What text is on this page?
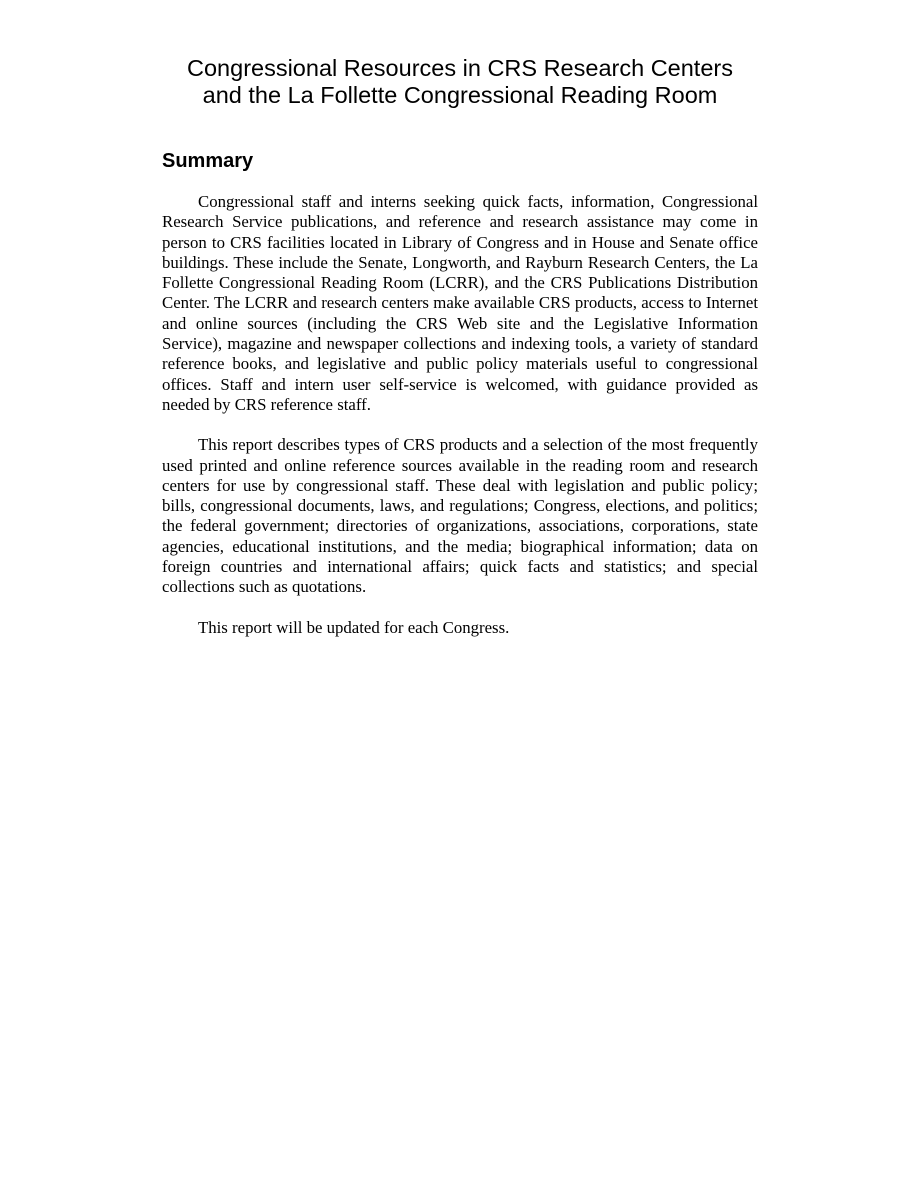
Congressional Resources in CRS Research Centers
and the La Follette Congressional Reading Room
Summary

Congressional staff and interns seeking quick facts, information, Congressional Research Service publications, and reference and research assistance may come in person to CRS facilities located in Library of Congress and in House and Senate office buildings. These include the Senate, Longworth, and Rayburn Research Centers, the La Follette Congressional Reading Room (LCRR), and the CRS Publications Distribution Center. The LCRR and research centers make available CRS products, access to Internet and online sources (including the CRS Web site and the Legislative Information Service), magazine and newspaper collections and indexing tools, a variety of standard reference books, and legislative and public policy materials useful to congressional offices. Staff and intern user self-service is welcomed, with guidance provided as needed by CRS reference staff.

This report describes types of CRS products and a selection of the most frequently used printed and online reference sources available in the reading room and research centers for use by congressional staff. These deal with legislation and public policy; bills, congressional documents, laws, and regulations; Congress, elections, and politics; the federal government; directories of organizations, associations, corporations, state agencies, educational institutions, and the media; biographical information; data on foreign countries and international affairs; quick facts and statistics; and special collections such as quotations.

This report will be updated for each Congress.
